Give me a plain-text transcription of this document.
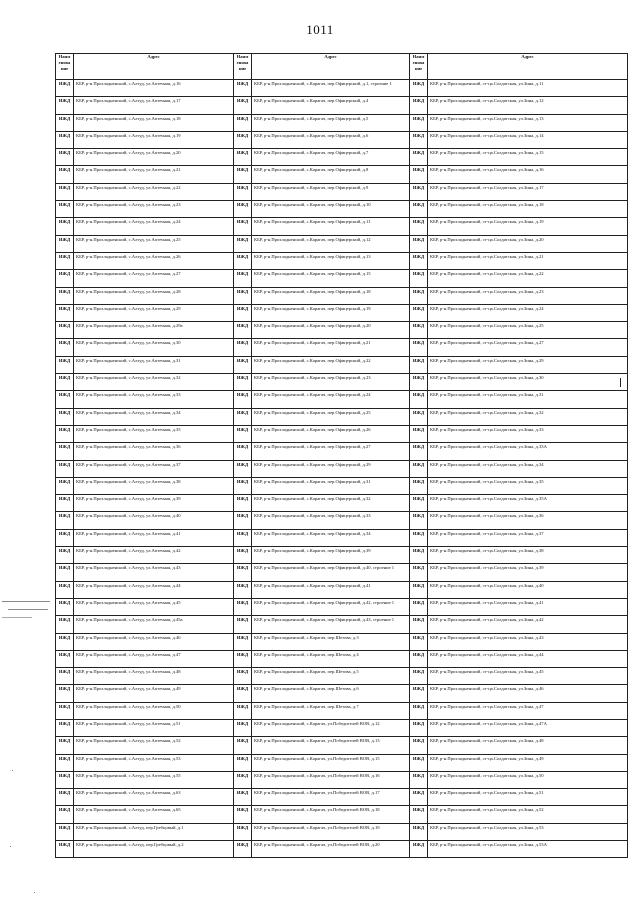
1011
Наим енова ние	Адрес	Наим енова ние	Адрес	Наим енова ние	Адрес
ИЖД	КБР, р-н Прохладненский, с.Алтуд, ул.Аптечная, д.16	ИЖД	КБР, р-н.Прохладненский, с.Карагач, пер.Офицерский, д.1, строение 1	ИЖД	КБР, р-н.Прохладненский, ст-ца.Солдатская, ул.Зина, д.11
ИЖД	КБР, р-н.Прохладненский, с.Алтуд, ул.Аптечная, д.17	ИЖД	КБР, р-н.Прохладненский, с.Карагач, пер.Офицерский, д.4	ИЖД	КБР, р-н.Прохладненский, ст-ца.Солдатская, ул.Зина, д.12
ИЖД	КБР, р-н.Прохладненский, с.Алтуд, ул.Аптечная, д.18	ИЖД	КБР, р-н.Прохладненский, с.Карагач, пер.Офицерский, д.5	ИЖД	КБР, р-н.Прохладненский, ст-ца.Солдатская, ул.Зина, д.13
ИЖД	КБР, р-н.Прохладненский, с.Алтуд, ул.Аптечная, д.19	ИЖД	КБР, р-н.Прохладненский, с.Карагач, пер.Офицерский, д.6	ИЖД	КБР, р-н.Прохладненский, ст-ца.Солдатская, ул.Зина, д.14
ИЖД	КБР, р-н.Прохладненский, с.Алтуд, ул.Аптечная, д.20	ИЖД	КБР, р-н.Прохладненский, с.Карагач, пер.Офицерский, д.7	ИЖД	КБР, р-н.Прохладненский, ст-ца.Солдатская, ул.Зина, д.15
ИЖД	КБР, р-н.Прохладненский, с.Алтуд, ул.Аптечная, д.21	ИЖД	КБР, р-н.Прохладненский, с.Карагач, пер.Офицерский, д.8	ИЖД	КБР, р-н.Прохладненский, ст-ца.Солдатская, ул.Зина, д.16
ИЖД	КБР, р-н.Прохладненский, с.Алтуд, ул.Аптечная, д.22	ИЖД	КБР, р-н.Прохладненский, с.Карагач, пер.Офицерский, д.9	ИЖД	КБР, р-н.Прохладненский, ст-ца.Солдатская, ул.Зина, д.17
ИЖД	КБР, р-н.Прохладненский, с.Алтуд, ул.Аптечная, д.23	ИЖД	КБР, р-н.Прохладненский, с.Карагач, пер.Офицерский, д.10	ИЖД	КБР, р-н.Прохладненский, ст-ца.Солдатская, ул.Зина, д.18
ИЖД	КБР, р-н.Прохладненский, с.Алтуд, ул.Аптечная, д.24	ИЖД	КБР, р-н.Прохладненский, с.Карагач, пер.Офицерский, д.11	ИЖД	КБР, р-н.Прохладненский, ст-ца.Солдатская, ул.Зина, д.19
ИЖД	КБР, р-н.Прохладненский, с.Алтуд, ул.Аптечная, д.25	ИЖД	КБР, р-н.Прохладненский, с.Карагач, пер.Офицерский, д.12	ИЖД	КБР, р-н.Прохладненский, ст-ца.Солдатская, ул.Зина, д.20
ИЖД	КБР, р-н.Прохладненский, с.Алтуд, ул.Аптечная, д.26	ИЖД	КБР, р-н.Прохладненский, с.Карагач, пер.Офицерский, д.13	ИЖД	КБР, р-н.Прохладненский, ст-ца.Солдатская, ул.Зина, д.21
ИЖД	КБР, р-н.Прохладненский, с.Алтуд, ул.Аптечная, д.27	ИЖД	КБР, р-н.Прохладненский, с.Карагач, пер.Офицерский, д.15	ИЖД	КБР, р-н.Прохладненский, ст-ца.Солдатская, ул.Зина, д.22
ИЖД	КБР, р-н.Прохладненский, с.Алтуд, ул.Аптечная, д.28	ИЖД	КБР, р-н.Прохладненский, с.Карагач, пер.Офицерский, д.18	ИЖД	КБР, р-н.Прохладненский, ст-ца.Солдатская, ул.Зина, д.23
ИЖД	КБР, р-н.Прохладненский, с.Алтуд, ул.Аптечная, д.29	ИЖД	КБР, р-н.Прохладненский, с.Карагач, пер.Офицерский, д.19	ИЖД	КБР, р-н.Прохладненский, ст-ца.Солдатская, ул.Зина, д.24
ИЖД	КБР, р-н.Прохладненский, с.Алтуд, ул.Аптечная, д.29а	ИЖД	КБР, р-н.Прохладненский, с.Карагач, пер.Офицерский, д.20	ИЖД	КБР, р-н.Прохладненский, ст-ца.Солдатская, ул.Зина, д.25
ИЖД	КБР, р-н.Прохладненский, с.Алтуд, ул.Аптечная, д.30	ИЖД	КБР, р-н.Прохладненский, с.Карагач, пер.Офицерский, д.21	ИЖД	КБР, р-н.Прохладненский, ст-ца.Солдатская, ул.Зина, д.27
ИЖД	КБР, р-н.Прохладненский, с.Алтуд, ул.Аптечная, д.31	ИЖД	КБР, р-н.Прохладненский, с.Карагач, пер.Офицерский, д.22	ИЖД	КБР, р-н.Прохладненский, ст-ца.Солдатская, ул.Зина, д.29
ИЖД	КБР, р-н.Прохладненский, с.Алтуд, ул.Аптечная, д.32	ИЖД	КБР, р-н.Прохладненский, с.Карагач, пер.Офицерский, д.23	ИЖД	КБР, р-н.Прохладненский, ст-ца.Солдатская, ул.Зина, д.30
ИЖД	КБР, р-н.Прохладненский, с.Алтуд, ул.Аптечная, д.33	ИЖД	КБР, р-н.Прохладненский, с.Карагач, пер.Офицерский, д.24	ИЖД	КБР, р-н.Прохладненский, ст-ца.Солдатская, ул.Зина, д.31
ИЖД	КБР, р-н.Прохладненский, с.Алтуд, ул.Аптечная, д.34	ИЖД	КБР, р-н.Прохладненский, с.Карагач, пер.Офицерский, д.25	ИЖД	КБР, р-н.Прохладненский, ст-ца.Солдатская, ул.Зина, д.32
ИЖД	КБР, р-н.Прохладненский, с.Алтуд, ул.Аптечная, д.35	ИЖД	КБР, р-н.Прохладненский, с.Карагач, пер.Офицерский, д.26	ИЖД	КБР, р-н.Прохладненский, ст-ца.Солдатская, ул.Зина, д.33
ИЖД	КБР, р-н.Прохладненский, с.Алтуд, ул.Аптечная, д.36	ИЖД	КБР, р-н.Прохладненский, с.Карагач, пер.Офицерский, д.27	ИЖД	КБР, р-н.Прохладненский, ст-ца.Солдатская, ул.Зина, д.33А
ИЖД	КБР, р-н.Прохладненский, с.Алтуд, ул.Аптечная, д.37	ИЖД	КБР, р-н.Прохладненский, с.Карагач, пер.Офицерский, д.29	ИЖД	КБР, р-н.Прохладненский, ст-ца.Солдатская, ул.Зина, д.34
ИЖД	КБР, р-н.Прохладненский, с.Алтуд, ул.Аптечная, д.38	ИЖД	КБР, р-н.Прохладненский, с.Карагач, пер.Офицерский, д.31	ИЖД	КБР, р-н.Прохладненский, ст-ца.Солдатская, ул.Зина, д.35
ИЖД	КБР, р-н.Прохладненский, с.Алтуд, ул.Аптечная, д.39	ИЖД	КБР, р-н.Прохладненский, с.Карагач, пер.Офицерский, д.32	ИЖД	КБР, р-н.Прохладненский, ст-ца.Солдатская, ул.Зина, д.35А
ИЖД	КБР, р-н.Прохладненский, с.Алтуд, ул.Аптечная, д.40	ИЖД	КБР, р-н.Прохладненский, с.Карагач, пер.Офицерский, д.33	ИЖД	КБР, р-н.Прохладненский, ст-ца.Солдатская, ул.Зина, д.36
ИЖД	КБР, р-н.Прохладненский, с.Алтуд, ул.Аптечная, д.41	ИЖД	КБР, р-н.Прохладненский, с.Карагач, пер.Офицерский, д.34	ИЖД	КБР, р-н.Прохладненский, ст-ца.Солдатская, ул.Зина, д.37
ИЖД	КБР, р-н.Прохладненский, с.Алтуд, ул.Аптечная, д.42	ИЖД	КБР, р-н.Прохладненский, с.Карагач, пер.Офицерский, д.39	ИЖД	КБР, р-н.Прохладненский, ст-ца.Солдатская, ул.Зина, д.38
ИЖД	КБР, р-н.Прохладненский, с.Алтуд, ул.Аптечная, д.43	ИЖД	КБР, р-н.Прохладненский, с.Карагач, пер.Офицерский, д.40, строение 1	ИЖД	КБР, р-н.Прохладненский, ст-ца.Солдатская, ул.Зина, д.39
ИЖД	КБР, р-н.Прохладненский, с.Алтуд, ул.Аптечная, д.44	ИЖД	КБР, р-н.Прохладненский, с.Карагач, пер.Офицерский, д.41	ИЖД	КБР, р-н.Прохладненский, ст-ца.Солдатская, ул.Зина, д.40
ИЖД	КБР, р-н.Прохладненский, с.Алтуд, ул.Аптечная, д.45	ИЖД	КБР, р-н.Прохладненский, с.Карагач, пер.Офицерский, д.42, строение 1	ИЖД	КБР, р-н.Прохладненский, ст-ца.Солдатская, ул.Зина, д.41
ИЖД	КБР, р-н.Прохладненский, с.Алтуд, ул.Аптечная, д.45а	ИЖД	КБР, р-н.Прохладненский, с.Карагач, пер.Офицерский, д.43, строение 1	ИЖД	КБР, р-н.Прохладненский, ст-ца.Солдатская, ул.Зина, д.42
ИЖД	КБР, р-н.Прохладненский, с.Алтуд, ул.Аптечная, д.46	ИЖД	КБР, р-н.Прохладненский, с.Карагач, пер.Шетова, д.3	ИЖД	КБР, р-н.Прохладненский, ст-ца.Солдатская, ул.Зина, д.43
ИЖД	КБР, р-н.Прохладненский, с.Алтуд, ул.Аптечная, д.47	ИЖД	КБР, р-н.Прохладненский, с.Карагач, пер.Шетова, д.4	ИЖД	КБР, р-н.Прохладненский, ст-ца.Солдатская, ул.Зина, д.44
ИЖД	КБР, р-н.Прохладненский, с.Алтуд, ул.Аптечная, д.48	ИЖД	КБР, р-н.Прохладненский, с.Карагач, пер.Шетова, д.5	ИЖД	КБР, р-н.Прохладненский, ст-ца.Солдатская, ул.Зина, д.45
ИЖД	КБР, р-н.Прохладненский, с.Алтуд, ул.Аптечная, д.49	ИЖД	КБР, р-н.Прохладненский, с.Карагач, пер.Шетова, д.6	ИЖД	КБР, р-н.Прохладненский, ст-ца.Солдатская, ул.Зина, д.46
ИЖД	КБР, р-н.Прохладненский, с.Алтуд, ул.Аптечная, д.50	ИЖД	КБР, р-н.Прохладненский, с.Карагач, пер.Шетова, д.7	ИЖД	КБР, р-н.Прохладненский, ст-ца.Солдатская, ул.Зина, д.47
ИЖД	КБР, р-н.Прохладненский, с.Алтуд, ул.Аптечная, д.51	ИЖД	КБР, р-н.Прохладненский, с.Карагач, ул.Победителей ВОВ, д.12	ИЖД	КБР, р-н.Прохладненский, ст-ца.Солдатская, ул.Зина, д.47А
ИЖД	КБР, р-н.Прохладненский, с.Алтуд, ул.Аптечная, д.52	ИЖД	КБР, р-н.Прохладненский, с.Карагач, ул.Победителей ВОВ, д.13	ИЖД	КБР, р-н.Прохладненский, ст-ца.Солдатская, ул.Зина, д.48
ИЖД	КБР, р-н.Прохладненский, с.Алтуд, ул.Аптечная, д.53	ИЖД	КБР, р-н.Прохладненский, с.Карагач, ул.Победителей ВОВ, д.15	ИЖД	КБР, р-н.Прохладненский, ст-ца.Солдатская, ул.Зина, д.49
ИЖД	КБР, р-н.Прохладненский, с.Алтуд, ул.Аптечная, д.55	ИЖД	КБР, р-н.Прохладненский, с.Карагач, ул.Победителей ВОВ, д.16	ИЖД	КБР, р-н.Прохладненский, ст-ца.Солдатская, ул.Зина, д.50
ИЖД	КБР, р-н.Прохладненский, с.Алтуд, ул.Аптечная, д.63	ИЖД	КБР, р-н.Прохладненский, с.Карагач, ул.Победителей ВОВ, д.17	ИЖД	КБР, р-н.Прохладненский, ст-ца.Солдатская, ул.Зина, д.51
ИЖД	КБР, р-н.Прохладненский, с.Алтуд, ул.Аптечная, д.65	ИЖД	КБР, р-н.Прохладненский, с.Карагач, ул.Победителей ВОВ, д.18	ИЖД	КБР, р-н.Прохладненский, ст-ца.Солдатская, ул.Зина, д.52
ИЖД	КБР, р-н.Прохладненский, с.Алтуд, пер.Гребцовый, д.1	ИЖД	КБР, р-н.Прохладненский, с.Карагач, ул.Победителей ВОВ, д.19	ИЖД	КБР, р-н.Прохладненский, ст-ца.Солдатская, ул.Зина, д.53
ИЖД	КБР, р-н.Прохладненский, с.Алтуд, пер.Гребцовый, д.2	ИЖД	КБР, р-н.Прохладненский, с.Карагач, ул.Победителей ВОВ, д.20	ИЖД	КБР, р-н.Прохладненский, ст-ца.Солдатская, ул.Зина, д.53А
